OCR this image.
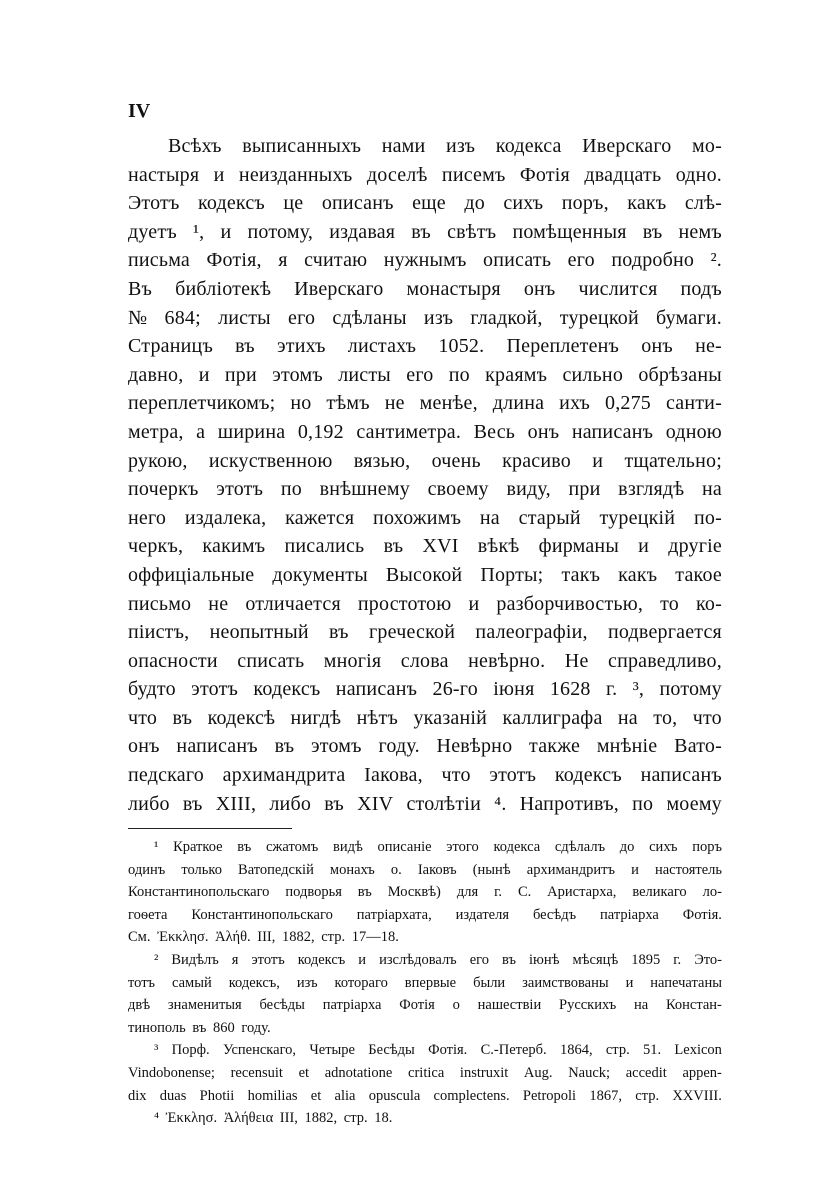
IV
Всѣхъ выписанныхъ нами изъ кодекса Иверскаго мо-
настыря и неизданныхъ доселѣ писемъ Фотія двадцать одно.
Этотъ кодексъ це описанъ еще до сихъ поръ, какъ слѣ-
дуетъ ¹, и потому, издавая въ свѣтъ помѣщенныя въ немъ
письма Фотія, я считаю нужнымъ описать его подробно ².
Въ библіотекѣ Иверскаго монастыря онъ числится подъ
№ 684; листы его сдѣланы изъ гладкой, турецкой бумаги.
Страницъ въ этихъ листахъ 1052. Переплетенъ онъ не-
давно, и при этомъ листы его по краямъ сильно обрѣзаны
переплетчикомъ; но тѣмъ не менѣе, длина ихъ 0,275 санти-
метра, а ширина 0,192 сантиметра. Весь онъ написанъ одною
рукою, искуственною вязью, очень красиво и тщательно;
почеркъ этотъ по внѣшнему своему виду, при взглядѣ на
него издалека, кажется похожимъ на старый турецкій по-
черкъ, какимъ писались въ XVI вѣкѣ фирманы и другіе
оффиціальные документы Высокой Порты; такъ какъ такое
письмо не отличается простотою и разборчивостью, то ко-
піистъ, неопытный въ греческой палеографіи, подвергается
опасности списать многія слова невѣрно. Не справедливо,
будто этотъ кодексъ написанъ 26-го іюня 1628 г. ³, потому
что въ кодексѣ нигдѣ нѣтъ указаній каллиграфа на то, что
онъ написанъ въ этомъ году. Невѣрно также мнѣніе Вато-
педскаго архимандрита Іакова, что этотъ кодексъ написанъ
либо въ XIII, либо въ XIV столѣтіи ⁴. Напротивъ, по моему
¹ Краткое въ сжатомъ видѣ описаніе этого кодекса сдѣлалъ до сихъ поръ
одинъ только Ватопедскій монахъ о. Іаковъ (нынѣ архимандритъ и настоятель
Константинопольскаго подворья въ Москвѣ) для г. С. Аристарха, великаго ло-
гоѳета Константинопольскаго патріархата, издателя бесѣдъ патріарха Фотія.
См. Ἐκκλησ. Ἀλήθ. III, 1882, стр. 17—18.
² Видѣлъ я этотъ кодексъ и изслѣдовалъ его въ іюнѣ мѣсяцѣ 1895 г. Это-
тотъ самый кодексъ, изъ котораго впервые были заимствованы и напечатаны
двѣ знаменитыя бесѣды патріарха Фотія о нашествіи Русскихъ на Констан-
тинополь въ 860 году.
³ Порф. Успенскаго, Четыре Бесѣды Фотія. С.-Петерб. 1864, стр. 51. Lexicon
Vindobonense; recensuit et adnotatione critica instruxit Aug. Nauck; accedit appen-
dix duas Photii homilias et alia opuscula complectens. Petropoli 1867, стр. XXVIII.
⁴ Ἐκκλησ. Ἀλήθεια III, 1882, стр. 18.
